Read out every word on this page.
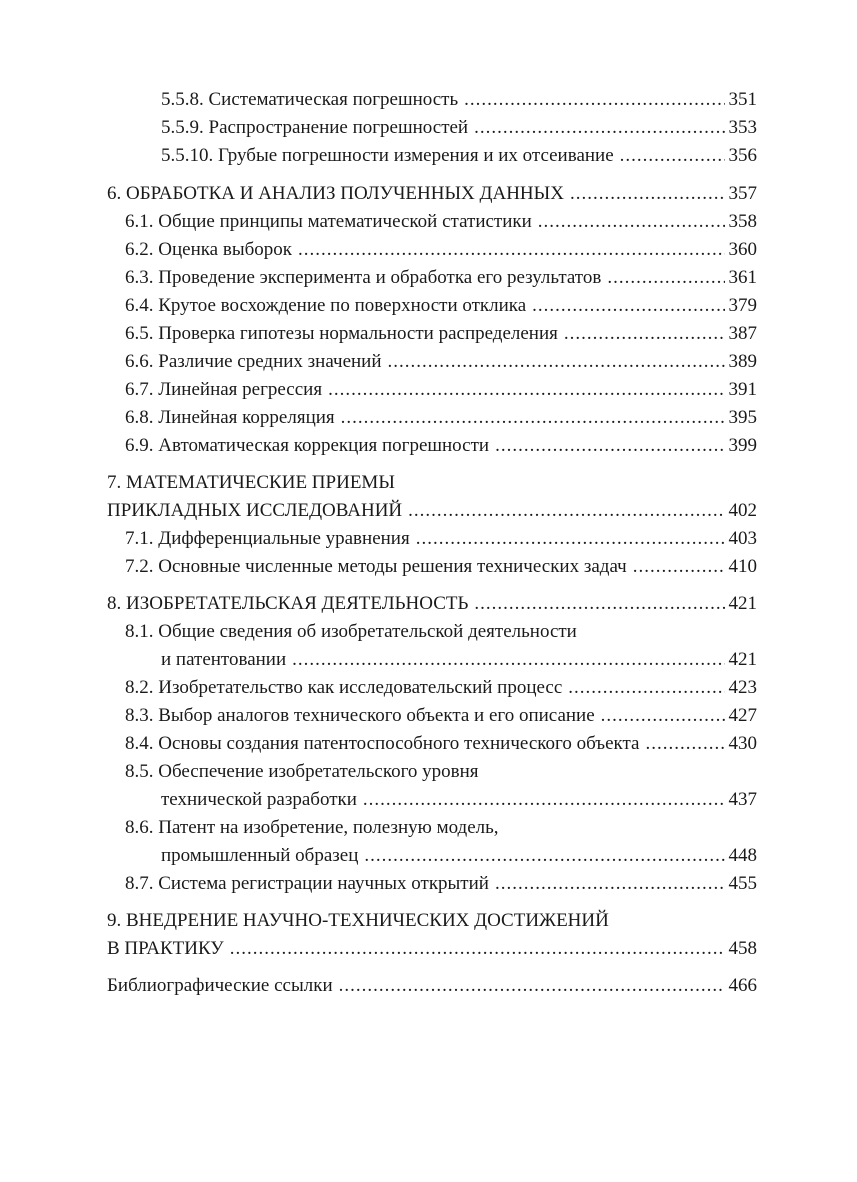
5.5.8. Систематическая погрешность .....	351
5.5.9. Распространение погрешностей .....	353
5.5.10. Грубые погрешности измерения и их отсеивание .....	356
6. ОБРАБОТКА И АНАЛИЗ ПОЛУЧЕННЫХ ДАННЫХ .....	357
6.1. Общие принципы математической статистики .....	358
6.2. Оценка выборок .....	360
6.3. Проведение эксперимента и обработка его результатов .....	361
6.4. Крутое восхождение по поверхности отклика .....	379
6.5. Проверка гипотезы нормальности распределения .....	387
6.6. Различие средних значений .....	389
6.7. Линейная регрессия .....	391
6.8. Линейная корреляция .....	395
6.9. Автоматическая коррекция погрешности .....	399
7. МАТЕМАТИЧЕСКИЕ ПРИЕМЫ
ПРИКЛАДНЫХ ИССЛЕДОВАНИЙ .....	402
7.1. Дифференциальные уравнения .....	403
7.2. Основные численные методы решения технических задач .....	410
8. ИЗОБРЕТАТЕЛЬСКАЯ ДЕЯТЕЛЬНОСТЬ .....	421
8.1. Общие сведения об изобретательской деятельности
и патентовании .....	421
8.2. Изобретательство как исследовательский процесс .....	423
8.3. Выбор аналогов технического объекта и его описание .....	427
8.4. Основы создания патентоспособного технического объекта .....	430
8.5. Обеспечение изобретательского уровня
технической разработки .....	437
8.6. Патент на изобретение, полезную модель,
промышленный образец .....	448
8.7. Система регистрации научных открытий .....	455
9. ВНЕДРЕНИЕ НАУЧНО-ТЕХНИЧЕСКИХ ДОСТИЖЕНИЙ
В ПРАКТИКУ .....	458
Библиографические ссылки .....	466
